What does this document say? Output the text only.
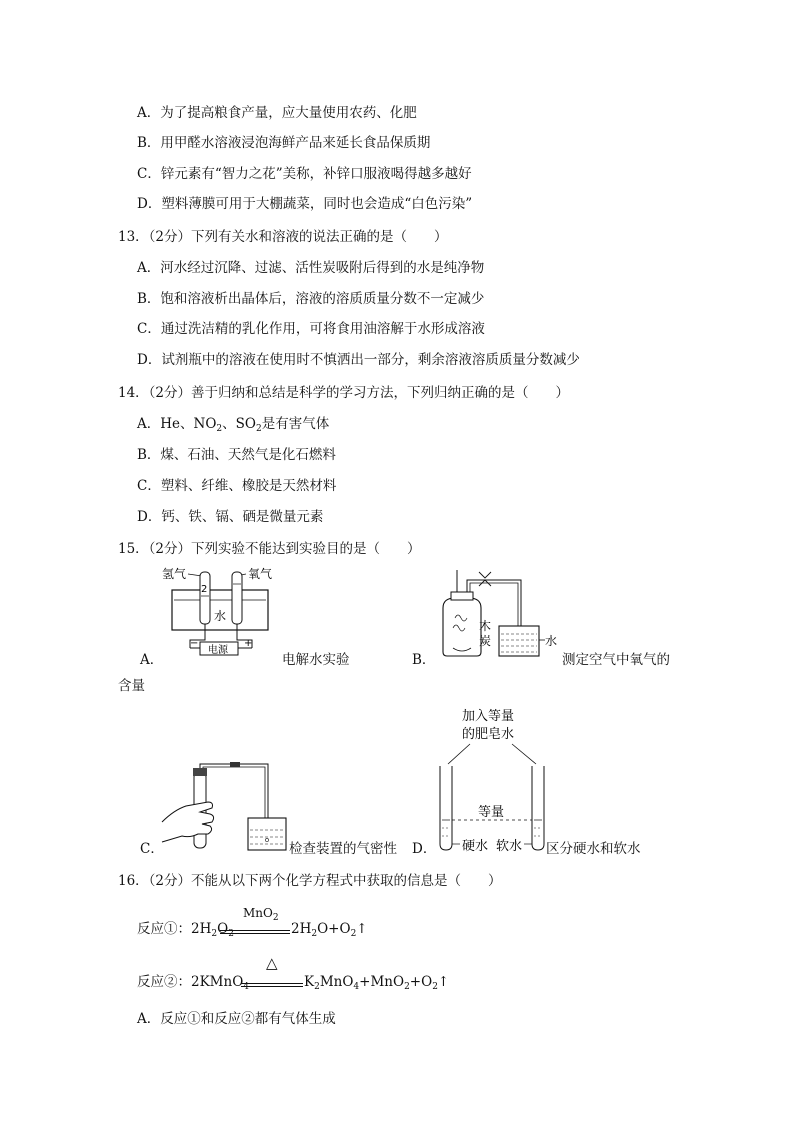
A．为了提高粮食产量，应大量使用农药、化肥
B．用甲醛水溶液浸泡海鲜产品来延长食品保质期
C．锌元素有“智力之花”美称，补锌口服液喝得越多越好
D．塑料薄膜可用于大棚蔬菜，同时也会造成“白色污染”
13．（2分）下列有关水和溶液的说法正确的是（　　）
A．河水经过沉降、过滤、活性炭吸附后得到的水是纯净物
B．饱和溶液析出晶体后，溶液的溶质质量分数不一定减少
C．通过洗洁精的乳化作用，可将食用油溶解于水形成溶液
D．试剂瓶中的溶液在使用时不慎洒出一部分，剩余溶液溶质质量分数减少
14．（2分）善于归纳和总结是科学的学习方法，下列归纳正确的是（　　）
A．He、$NO_2$、$SO_2$是有害气体
B．煤、石油、天然气是化石燃料
C．塑料、纤维、橡胶是天然材料
D．钙、铁、镉、硒是微量元素
15．（2分）下列实验不能达到实验目的是（　　）
氢气	氧气
2
水
电源
−	+
A．	电解水实验
木
炭	水
B．	测定空气中氧气的
含量
C．	检查装置的气密性
加入等量
的肥皂水
等量
硬水 软水
D．	区分硬水和软水
16．（2分）不能从以下两个化学方程式中获取的信息是（　　）
反应①：$2H_2O_2$
MnO$_2$
$2H_2O+O_2↑$
反应②：2KMnO$_4$
△
$K_2MnO_4+MnO_2+O_2↑$
A．反应①和反应②都有气体生成
